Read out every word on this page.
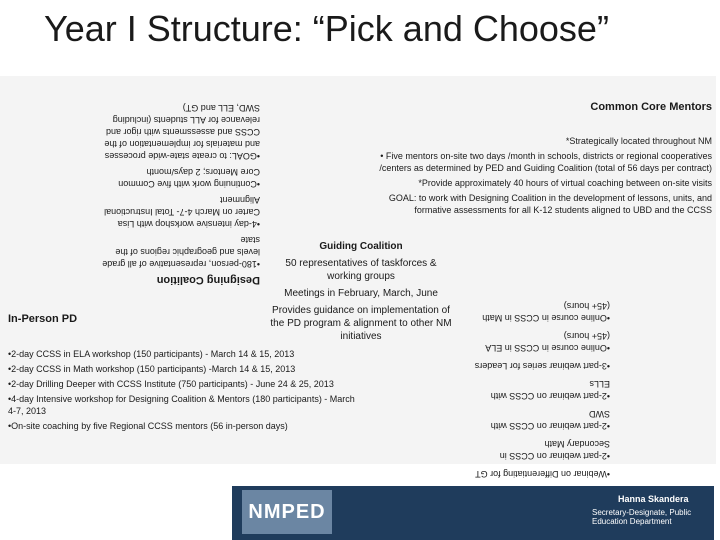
Year I Structure: “Pick and Choose”

Designing Coalition

• 180-person, representative of all grade levels and geographic regions of the state
• 4-day intensive workshop with Lisa Carter on March 4-7- Total Instructional Alignment
• Continuing work with five Common Core Mentors; 2 days/month
• GOAL: to create state-wide processes and materials for implementation of the CCSS and assessments with rigor and relevance for ALL students (including SWD, ELL and GT)	Common Core Mentors

*Strategically located throughout NM

• Five mentors on-site two days /month in schools, districts or regional cooperatives /centers as determined by PED and Guiding Coalition (total of 56 days per contract)

*Provide approximately 40 hours of virtual coaching between on-site visits

GOAL: to work with Designing Coalition in the development of lessons, units, and formative assessments for all K-12 students aligned to UBD and the CCSS

Guiding Coalition

50 representatives of taskforces & working groups

Meetings in February, March, June

Provides guidance on implementation of the PD program & alignment to other NM initiatives

In-Person PD

• 2-day CCSS in ELA workshop (150 participants) - March 14 & 15, 2013
• 2-day CCSS in Math workshop (150 participants) -March 14 & 15, 2013
• 2-day Drilling Deeper with CCSS Institute (750 participants) - June 24 & 25, 2013
• 4-day Intensive workshop for Designing Coalition & Mentors (180 participants) - March 4-7, 2013
• On-site coaching by five Regional CCSS mentors (56 in-person days)
•
•
• Webinar on Differentiating for GT
• 2-part webinar on CCSS in Secondary Math
• 2-part webinar on CCSS with SWD
• 2-part webinar on CCSS with ELLs
• 3-part webinar series for Leaders
• Online course in CCSS in ELA (45+ hours)
• Online course in CCSS in Math (45+ hours)
NMPED
Hanna Skandera
Secretary-Designate, Public Education Department
